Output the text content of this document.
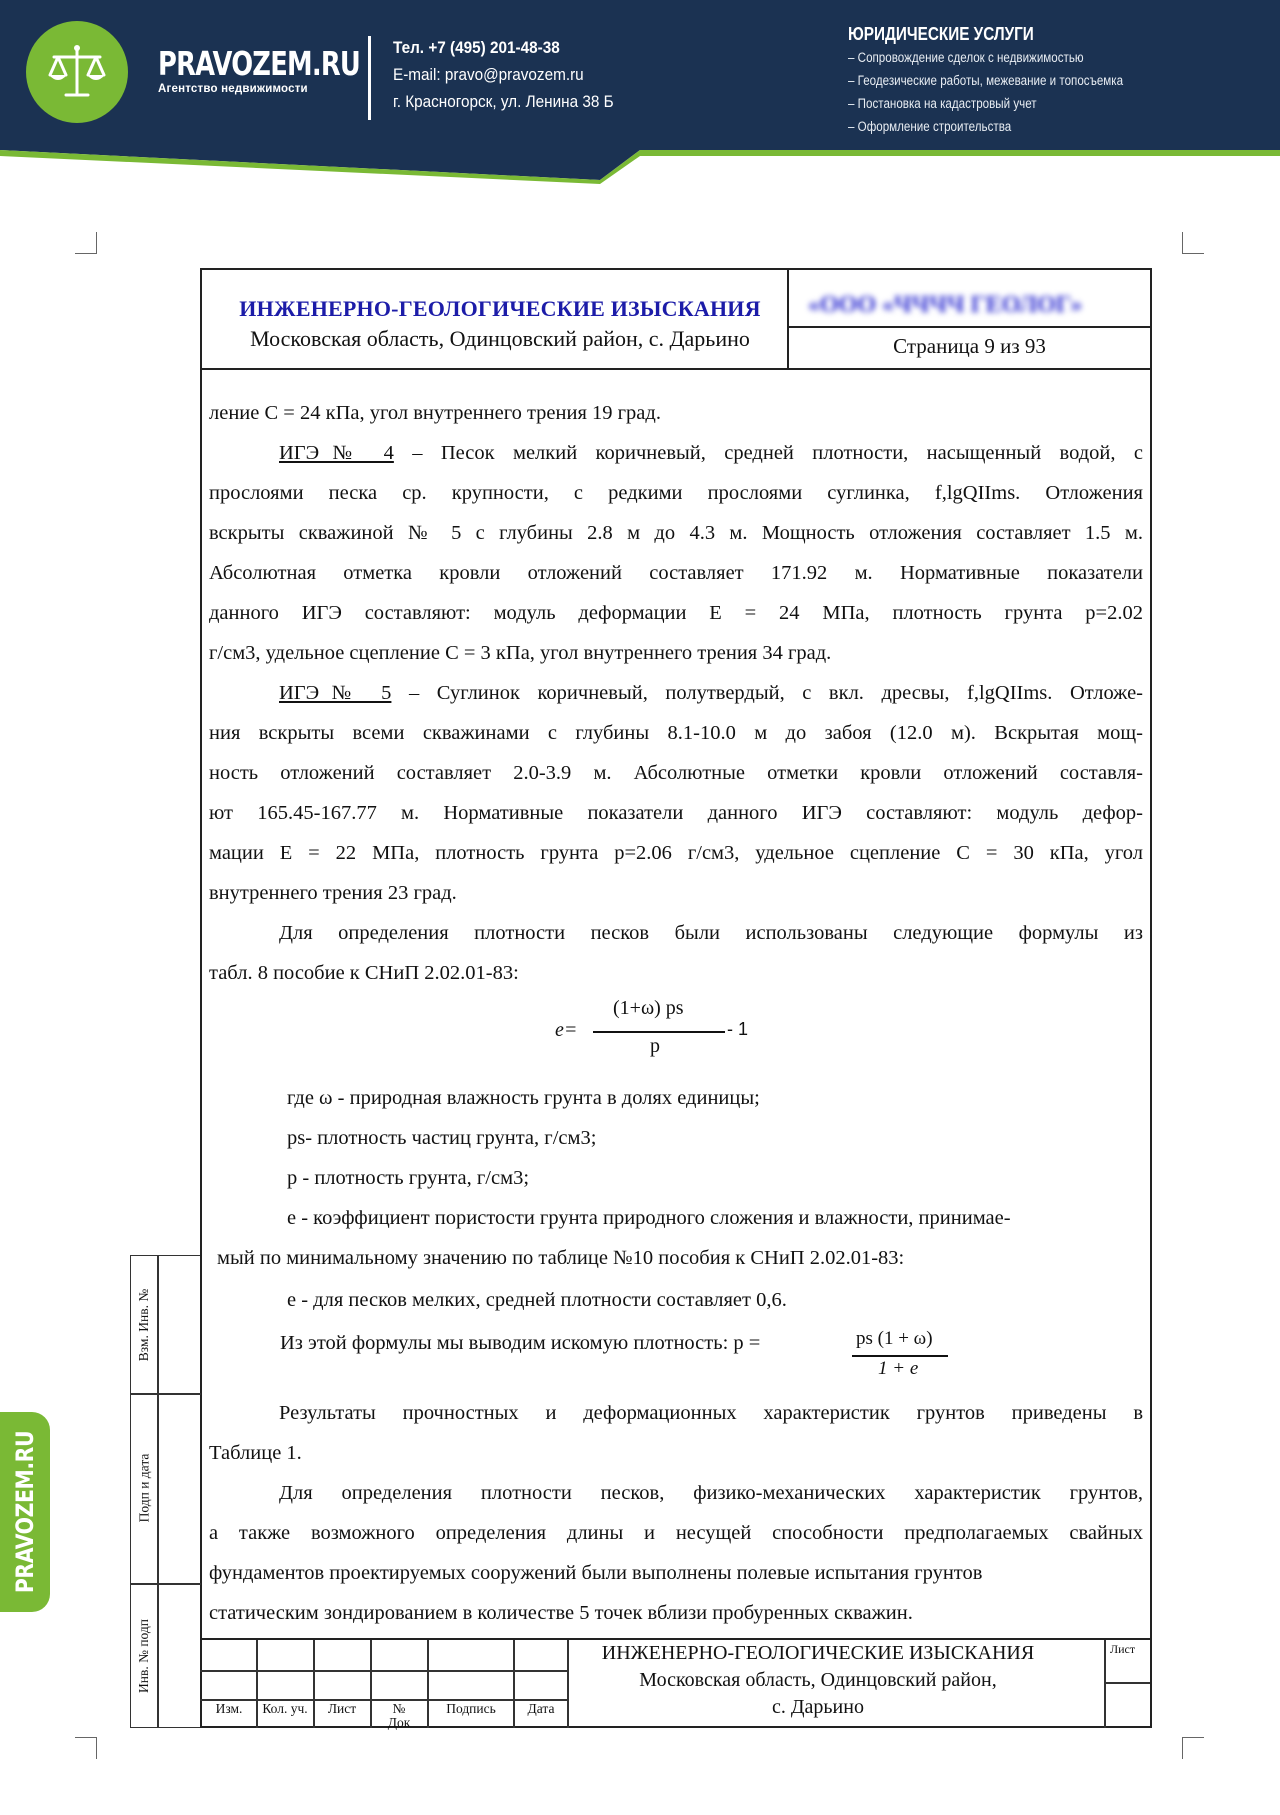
PRAVOZEM.RU
Агентство недвижимости
Тел. +7 (495) 201-48-38
E-mail: pravo@pravozem.ru
г. Красногорск, ул. Ленина 38 Б
ЮРИДИЧЕСКИЕ УСЛУГИ
– Сопровождение сделок с недвижимостью
– Геодезические работы, межевание и топосъемка
– Постановка на кадастровый учет
– Оформление строительства
PRAVOZEM.RU
ИНЖЕНЕРНО-ГЕОЛОГИЧЕСКИЕ ИЗЫСКАНИЯ
Московская область, Одинцовский район, с. Дарьино
«ООО «ЧЧЧЧ ГЕОЛОГ»
Страница 9 из 93

ление С = 24 кПа, угол внутреннего трения 19 град.

ИГЭ№ 4 – Песок мелкий коричневый, средней плотности, насыщенный водой, с

прослоями песка ср. крупности, с редкими прослоями суглинка, f,lgQIIms. Отложения

вскрыты скважиной № 5 с глубины 2.8 м до 4.3 м. Мощность отложения составляет 1.5 м.

Абсолютная отметка кровли отложений составляет 171.92 м. Нормативные показатели

данного ИГЭ составляют: модуль деформации Е = 24 МПа, плотность грунта р=2.02

г/см3, удельное сцепление С = 3 кПа, угол внутреннего трения 34 град.

ИГЭ№ 5 – Суглинок коричневый, полутвердый, с вкл. дресвы, f,lgQIIms. Отложе-

ния вскрыты всеми скважинами с глубины 8.1-10.0 м до забоя (12.0 м). Вскрытая мощ-

ность отложений составляет 2.0-3.9 м. Абсолютные отметки кровли отложений составля-

ют 165.45-167.77 м. Нормативные показатели данного ИГЭ составляют: модуль дефор-

мации Е = 22 МПа, плотность грунта р=2.06 г/см3, удельное сцепление С = 30 кПа, угол

внутреннего трения 23 град.

Для определения плотности песков были использованы следующие формулы из

табл. 8 пособие к СНиП 2.02.01-83:

е=
(1+ω) ps
р
- 1

где ω - природная влажность грунта в долях единицы;

ps- плотность частиц грунта, г/см3;

р - плотность грунта, г/см3;

е - коэффициент пористости грунта природного сложения и влажности, принимае-

мый по минимальному значению по таблице №10 пособия к СНиП 2.02.01-83:

е - для песков мелких, средней плотности составляет 0,6.

Из этой формулы мы выводим искомую плотность: р =	ps (1 + ω)
1 + e

Результаты прочностных и деформационных характеристик грунтов приведены в

Таблице 1.

Для определения плотности песков, физико-механических характеристик грунтов,

а также возможного определения длины и несущей способности предполагаемых свайных

фундаментов проектируемых сооружений были выполнены полевые испытания грунтов

статическим зондированием в количестве 5 точек вблизи пробуренных скважин.

Взм. Инв. №
Подп и дата
Инв. № подп
Изм.	Кол. уч.	Лист	№ Док
Подпись	Дата
ИНЖЕНЕРНО-ГЕОЛОГИЧЕСКИЕ ИЗЫСКАНИЯ
Московская область, Одинцовский район,
с. Дарьино
Лист
